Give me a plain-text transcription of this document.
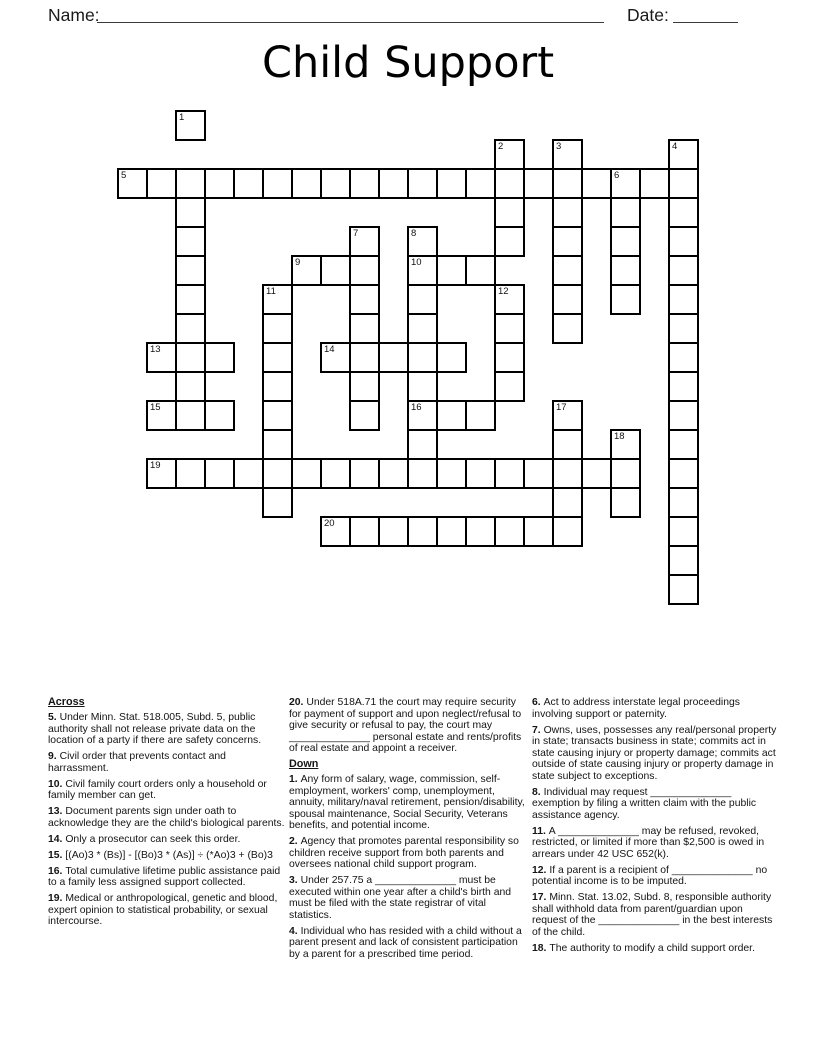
Name:	Date:
Child Support
1
2	3	4
5	6
7	8
9	10
11	12
13	14
15	16	17
18
19
20
Across
5. Under Minn. Stat. 518.005, Subd. 5, public authority shall not release private data on the location of a party if there are safety concerns.
9. Civil order that prevents contact and harrassment.
10. Civil family court orders only a household or family member can get.
13. Document parents sign under oath to acknowledge they are the child's biological parents.
14. Only a prosecutor can seek this order.
15. [(Ao)3 * (Bs)] - [(Bo)3 * (As)] ÷ (*Ao)3 + (Bo)3
16. Total cumulative lifetime public assistance paid to a family less assigned support collected.
19. Medical or anthropological, genetic and blood, expert opinion to statistical probability, or sexual intercourse.
20. Under 518A.71 the court may require security for payment of support and upon neglect/refusal to give security or refusal to pay, the court may ______________ personal estate and rents/profits of real estate and appoint a receiver.
Down
1. Any form of salary, wage, commission, self-employment, workers' comp, unemployment, annuity, military/naval retirement, pension/disability, spousal maintenance, Social Security, Veterans benefits, and potential income.
2. Agency that promotes parental responsibility so children receive support from both parents and oversees national child support program.
3. Under 257.75 a ______________ must be executed within one year after a child's birth and must be filed with the state registrar of vital statistics.
4. Individual who has resided with a child without a parent present and lack of consistent participation by a parent for a prescribed time period.
6. Act to address interstate legal proceedings involving support or paternity.
7. Owns, uses, possesses any real/personal property in state; transacts business in state; commits act in state causing injury or property damage; commits act outside of state causing injury or property damage in state subject to exceptions.
8. Individual may request ______________ exemption by filing a written claim with the public assistance agency.
11. A ______________ may be refused, revoked, restricted, or limited if more than $2,500 is owed in arrears under 42 USC 652(k).
12. If a parent is a recipient of ______________ no potential income is to be imputed.
17. Minn. Stat. 13.02, Subd. 8, responsible authority shall withhold data from parent/guardian upon request of the ______________ in the best interests of the child.
18. The authority to modify a child support order.
